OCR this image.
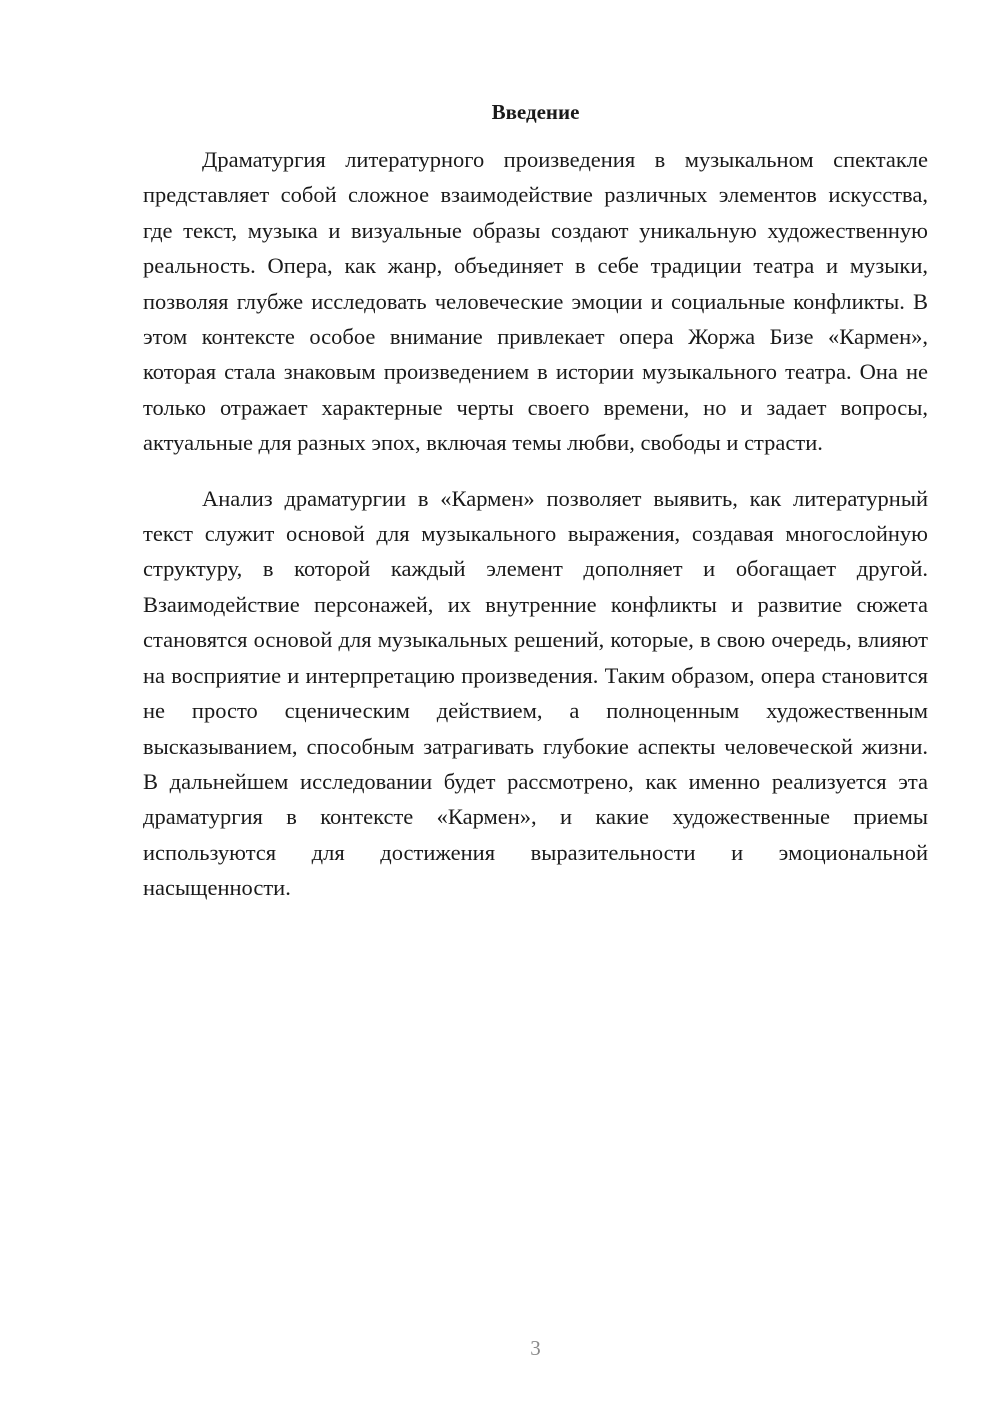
Введение

Драматургия литературного произведения в музыкальном спектакле представляет собой сложное взаимодействие различных элементов искусства, где текст, музыка и визуальные образы создают уникальную художественную реальность. Опера, как жанр, объединяет в себе традиции театра и музыки, позволяя глубже исследовать человеческие эмоции и социальные конфликты. В этом контексте особое внимание привлекает опера Жоржа Бизе «Кармен», которая стала знаковым произведением в истории музыкального театра. Она не только отражает характерные черты своего времени, но и задает вопросы, актуальные для разных эпох, включая темы любви, свободы и страсти.

Анализ драматургии в «Кармен» позволяет выявить, как литературный текст служит основой для музыкального выражения, создавая многослойную структуру, в которой каждый элемент дополняет и обогащает другой. Взаимодействие персонажей, их внутренние конфликты и развитие сюжета становятся основой для музыкальных решений, которые, в свою очередь, влияют на восприятие и интерпретацию произведения. Таким образом, опера становится не просто сценическим действием, а полноценным художественным высказыванием, способным затрагивать глубокие аспекты человеческой жизни. В дальнейшем исследовании будет рассмотрено, как именно реализуется эта драматургия в контексте «Кармен», и какие художественные приемы используются для достижения выразительности и эмоциональной насыщенности.

3
